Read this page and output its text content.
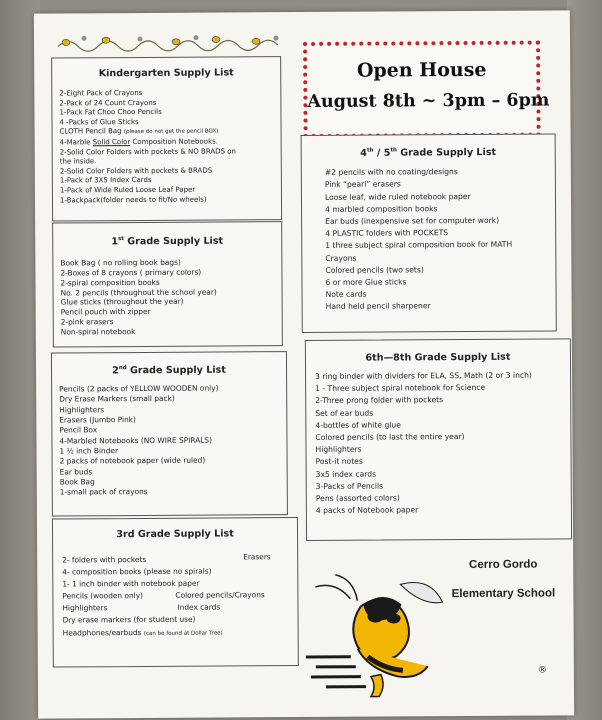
Kindergarten Supply List
2-Eight Pack of Crayons
2-Pack of 24 Count Crayons
1-Pack Fat Choo Choo Pencils
4 -Packs of Glue Sticks
CLOTH Pencil Bag (please do not get the pencil BOX)
4-Marble Solid Color Composition Notebooks.
2-Solid Color Folders with pockets & NO BRADS on
the inside.
2-Solid Color Folders with pockets & BRADS
1-Pack of 3X5 Index Cards
1-Pack of Wide Ruled Loose Leaf Paper
1-Backpack(folder needs to fit/No wheels)
1st Grade Supply List
Book Bag ( no rolling book bags)
2-Boxes of 8 crayons ( primary colors)
2-spiral composition books
No. 2 pencils (throughout the school year)
Glue sticks (throughout the year)
Pencil pouch with zipper
2-pink erasers
Non-spiral notebook
2nd Grade Supply List
Pencils (2 packs of YELLOW WOODEN only)
Dry Erase Markers (small pack)
Highlighters
Erasers (Jumbo Pink)
Pencil Box
4-Marbled Notebooks (NO WIRE SPIRALS)
1 ½ inch Binder
2 packs of notebook paper (wide ruled)
Ear buds
Book Bag
1-small pack of crayons
3rd Grade Supply List
2- folders with pockets
4- composition books (please no spirals)
1- 1 inch binder with notebook paper
Pencils (wooden only)
Highlighters
Dry erase markers (for student use)
Headphones/earbuds (can be found at Dollar Tree)
Erasers
Colored pencils/Crayons
Index cards
Open House
August 8th ~ 3pm – 6pm
4th / 5th Grade Supply List
#2 pencils with no coating/designs
Pink “pearl” erasers
Loose leaf, wide ruled notebook paper
4 marbled composition books
Ear buds (inexpensive set for computer work)
4 PLASTIC folders with POCKETS
1 three subject spiral composition book for MATH
Crayons
Colored pencils (two sets)
6 or more Glue sticks
Note cards
Hand held pencil sharpener
6th—8th Grade Supply List
3 ring binder with dividers for ELA, SS, Math (2 or 3 inch)
1 - Three subject spiral notebook for Science
2-Three prong folder with pockets
Set of ear buds
4-bottles of white glue
Colored pencils (to last the entire year)
Highlighters
Post-it notes
3x5 index cards
3-Packs of Pencils
Pens (assorted colors)
4 packs of Notebook paper
Cerro Gordo
Elementary School
®
